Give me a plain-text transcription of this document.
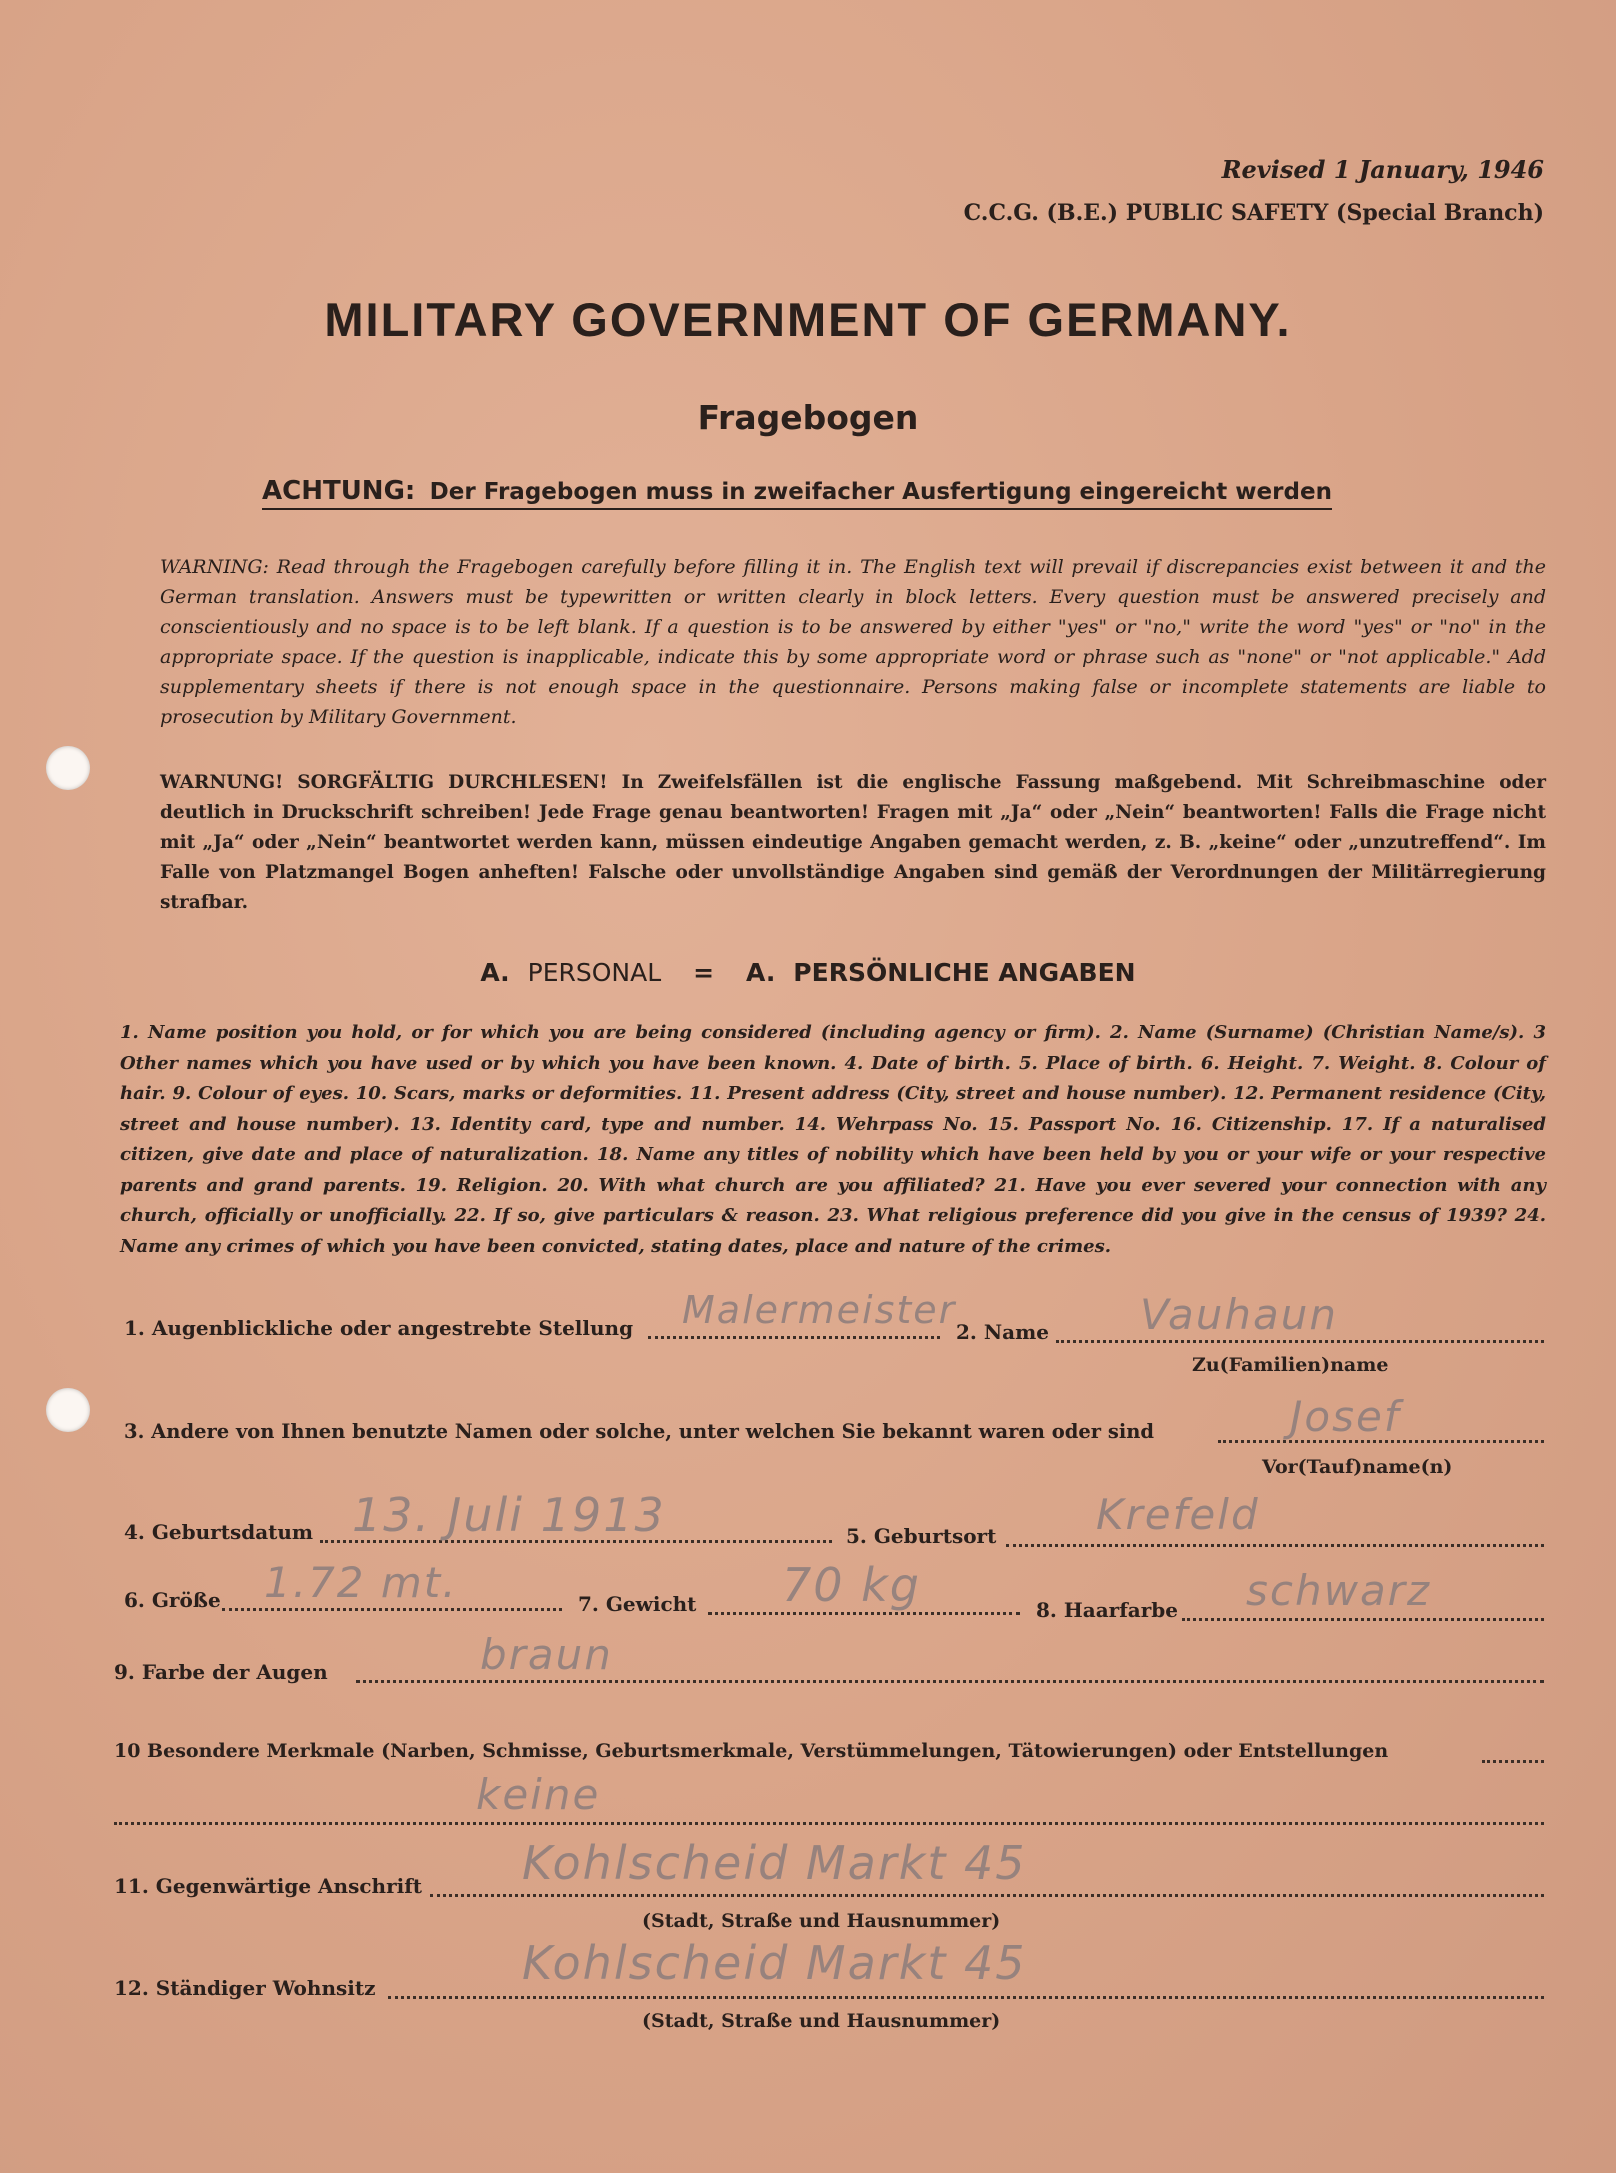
Revised 1 January, 1946
C.C.G. (B.E.) PUBLIC SAFETY (Special Branch)
MILITARY GOVERNMENT OF GERMANY.
Fragebogen
ACHTUNG: Der Fragebogen muss in zweifacher Ausfertigung eingereicht werden
WARNING: Read through the Fragebogen carefully before filling it in. The English text will prevail if discrepancies exist between it and the German translation. Answers must be typewritten or written clearly in block letters. Every question must be answered precisely and conscientiously and no space is to be left blank. If a question is to be answered by either "yes" or "no," write the word "yes" or "no" in the appropriate space. If the question is inapplicable, indicate this by some appropriate word or phrase such as "none" or "not applicable." Add supplementary sheets if there is not enough space in the questionnaire. Persons making false or incomplete statements are liable to prosecution by Military Government.
WARNUNG! SORGFÄLTIG DURCHLESEN! In Zweifelsfällen ist die englische Fassung maßgebend. Mit Schreibmaschine oder deutlich in Druckschrift schreiben! Jede Frage genau beantworten! Fragen mit „Ja“ oder „Nein“ beantworten! Falls die Frage nicht mit „Ja“ oder „Nein“ beantwortet werden kann, müssen eindeutige Angaben gemacht werden, z. B. „keine“ oder „unzutreffend“. Im Falle von Platzmangel Bogen anheften! Falsche oder unvollständige Angaben sind gemäß der Verordnungen der Militärregierung strafbar.
A. PERSONAL = A. PERSÖNLICHE ANGABEN
1. Name position you hold, or for which you are being considered (including agency or firm). 2. Name (Surname) (Christian Name/s). 3 Other names which you have used or by which you have been known. 4. Date of birth. 5. Place of birth. 6. Height. 7. Weight. 8. Colour of hair. 9. Colour of eyes. 10. Scars, marks or deformities. 11. Present address (City, street and house number). 12. Permanent residence (City, street and house number). 13. Identity card, type and number. 14. Wehrpass No. 15. Passport No. 16. Citizenship. 17. If a naturalised citizen, give date and place of naturalization. 18. Name any titles of nobility which have been held by you or your wife or your respective parents and grand parents. 19. Religion. 20. With what church are you affiliated? 21. Have you ever severed your connection with any church, officially or unofficially. 22. If so, give particulars & reason. 23. What religious preference did you give in the census of 1939? 24. Name any crimes of which you have been convicted, stating dates, place and nature of the crimes.
1. Augenblickliche oder angestrebte Stellung Malermeister 2. Name Vauhaun
Zu(Familien)name
3. Andere von Ihnen benutzte Namen oder solche, unter welchen Sie bekannt waren oder sind	Josef
Vor(Tauf)name(n)
4. Geburtsdatum 13. Juli 1913	5. Geburtsort Krefeld
6. Größe 1.72 mt.	7. Gewicht 70 kg	8. Haarfarbe schwarz
9. Farbe der Augen	braun
10 Besondere Merkmale (Narben, Schmisse, Geburtsmerkmale, Verstümmelungen, Tätowierungen) oder Entstellungen
keine
11. Gegenwärtige Anschrift Kohlscheid Markt 45
(Stadt, Straße und Hausnummer)
12. Ständiger Wohnsitz	Kohlscheid Markt 45
(Stadt, Straße und Hausnummer)
